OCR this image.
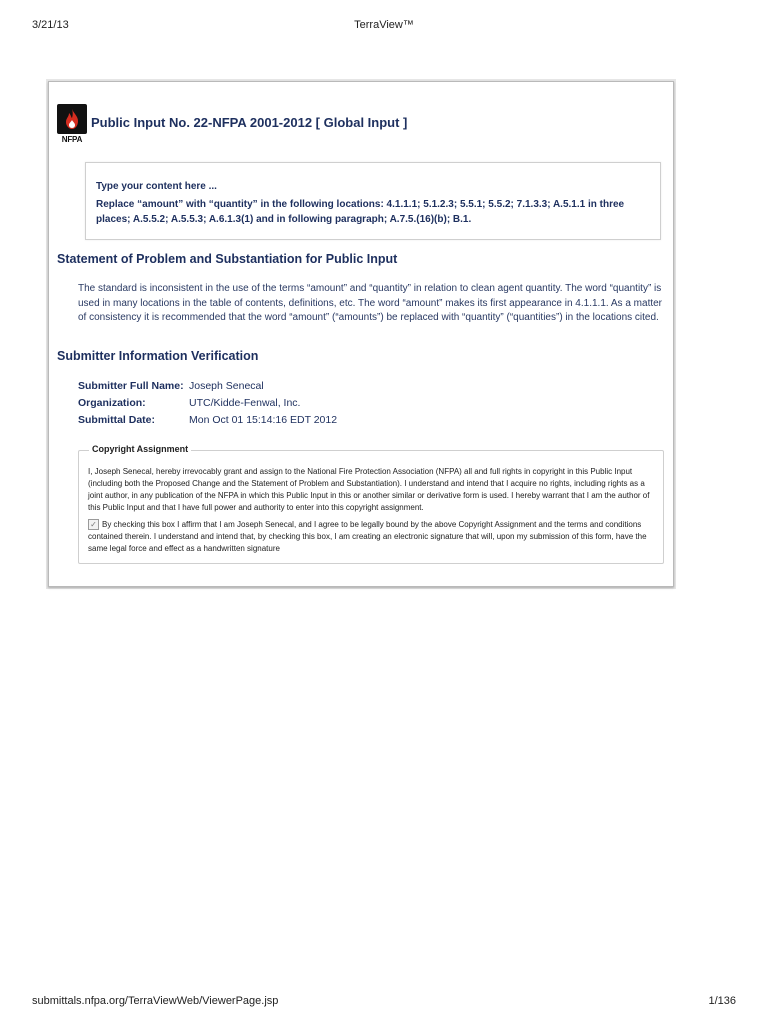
3/21/13	TerraView™
NFPA
Public Input No. 22-NFPA 2001-2012 [ Global Input ]
Type your content here ...
Replace “amount” with “quantity” in the following locations: 4.1.1.1; 5.1.2.3; 5.5.1; 5.5.2; 7.1.3.3; A.5.1.1 in three places; A.5.5.2; A.5.5.3; A.6.1.3(1) and in following paragraph; A.7.5.(16)(b); B.1.
Statement of Problem and Substantiation for Public Input
The standard is inconsistent in the use of the terms “amount” and “quantity” in relation to clean agent quantity. The word “quantity” is used in many locations in the table of contents, definitions, etc. The word “amount” makes its first appearance in 4.1.1.1. As a matter of consistency it is recommended that the word “amount” (“amounts”) be replaced with “quantity” (“quantities”) in the locations cited.
Submitter Information Verification
Submitter Full Name: Joseph Senecal
Organization:	UTC/Kidde-Fenwal, Inc.
Submittal Date:	Mon Oct 01 15:14:16 EDT 2012
Copyright Assignment
I, Joseph Senecal, hereby irrevocably grant and assign to the National Fire Protection Association (NFPA) all and full rights in copyright in this Public Input (including both the Proposed Change and the Statement of Problem and Substantiation). I understand and intend that I acquire no rights, including rights as a joint author, in any publication of the NFPA in which this Public Input in this or another similar or derivative form is used. I hereby warrant that I am the author of this Public Input and that I have full power and authority to enter into this copyright assignment.
✓ By checking this box I affirm that I am Joseph Senecal, and I agree to be legally bound by the above Copyright Assignment and the terms and conditions contained therein. I understand and intend that, by checking this box, I am creating an electronic signature that will, upon my submission of this form, have the same legal force and effect as a handwritten signature
submittals.nfpa.org/TerraViewWeb/ViewerPage.jsp	1/136
